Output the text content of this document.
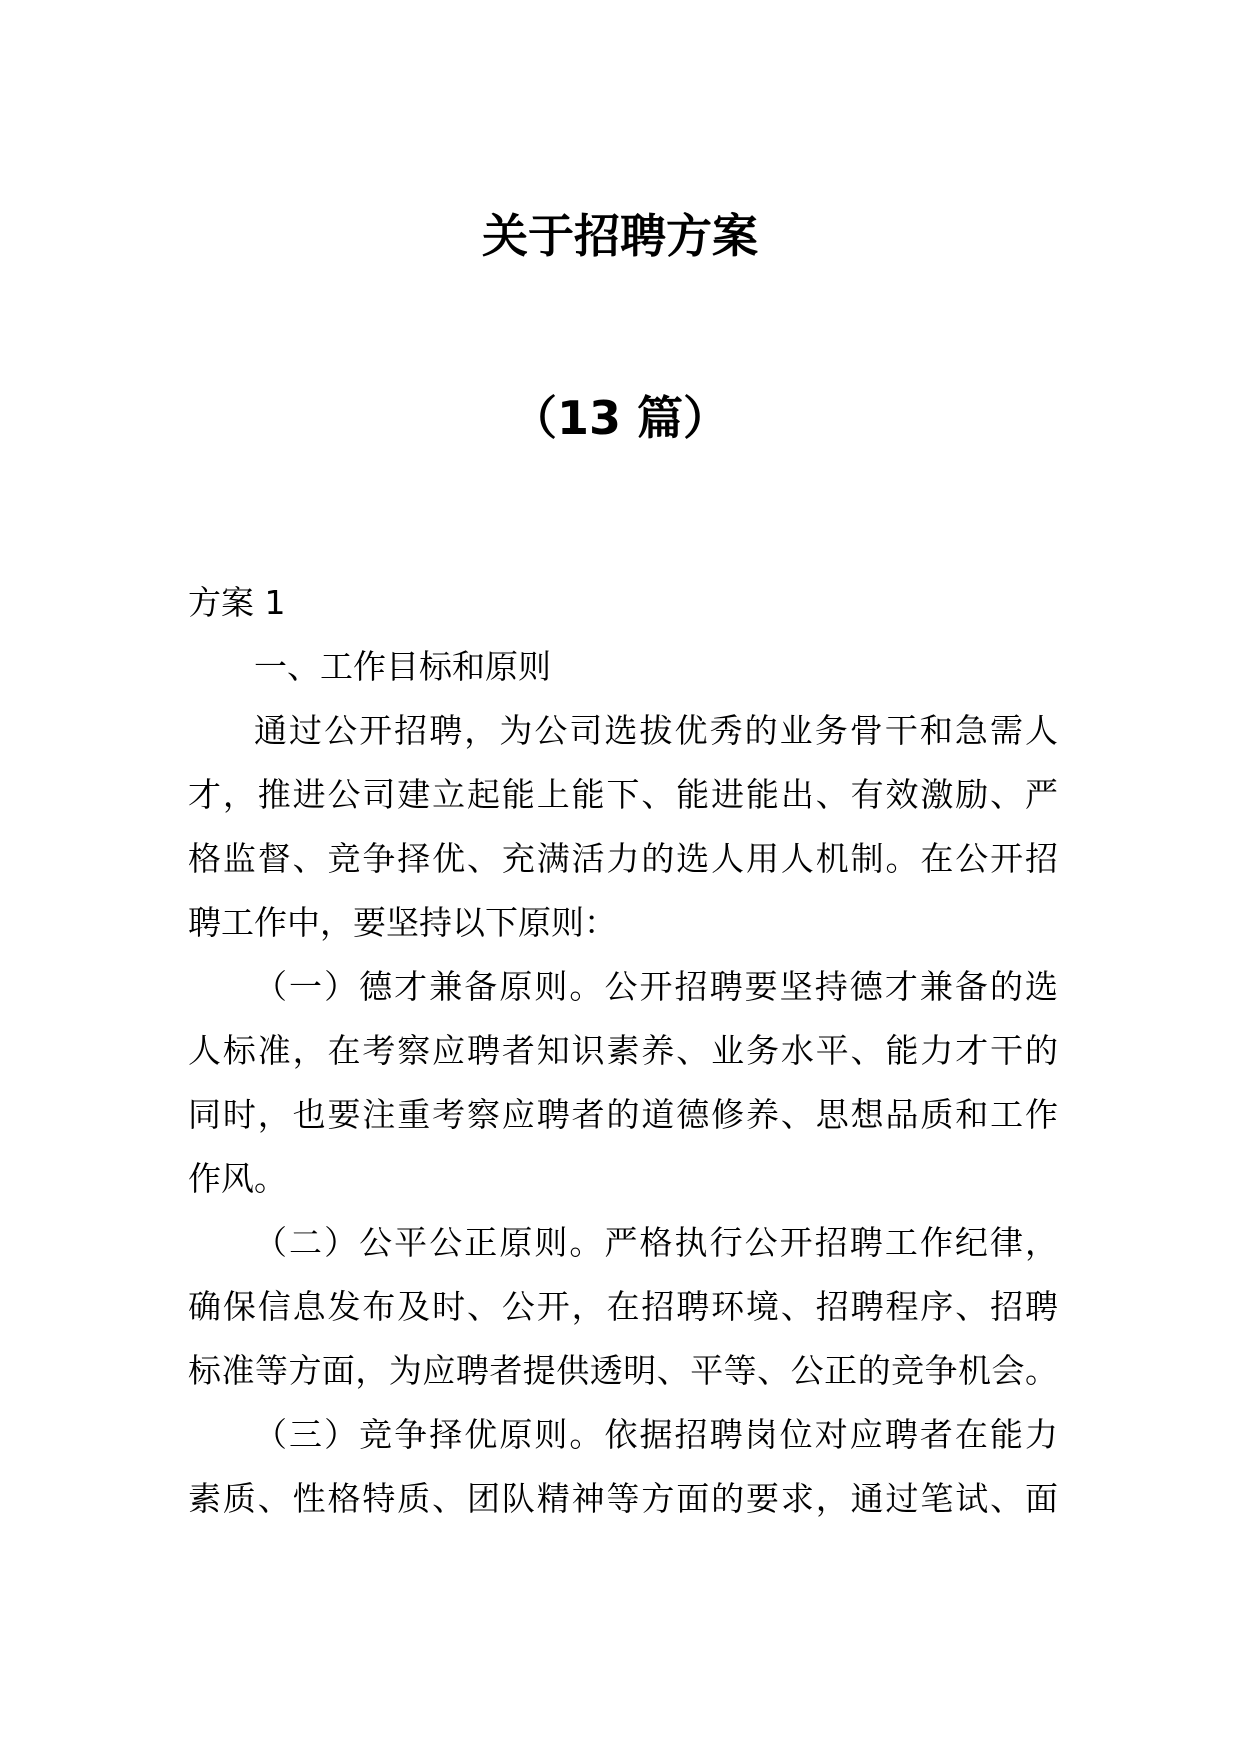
关于招聘方案
（13 篇）
方案 1
一、工作目标和原则
通过公开招聘，为公司选拔优秀的业务骨干和急需人
才，推进公司建立起能上能下、能进能出、有效激励、严
格监督、竞争择优、充满活力的选人用人机制。在公开招
聘工作中，要坚持以下原则：
（一）德才兼备原则。公开招聘要坚持德才兼备的选
人标准，在考察应聘者知识素养、业务水平、能力才干的
同时，也要注重考察应聘者的道德修养、思想品质和工作
作风。
（二）公平公正原则。严格执行公开招聘工作纪律，
确保信息发布及时、公开，在招聘环境、招聘程序、招聘
标准等方面，为应聘者提供透明、平等、公正的竞争机会。
（三）竞争择优原则。依据招聘岗位对应聘者在能力
素质、性格特质、团队精神等方面的要求，通过笔试、面
